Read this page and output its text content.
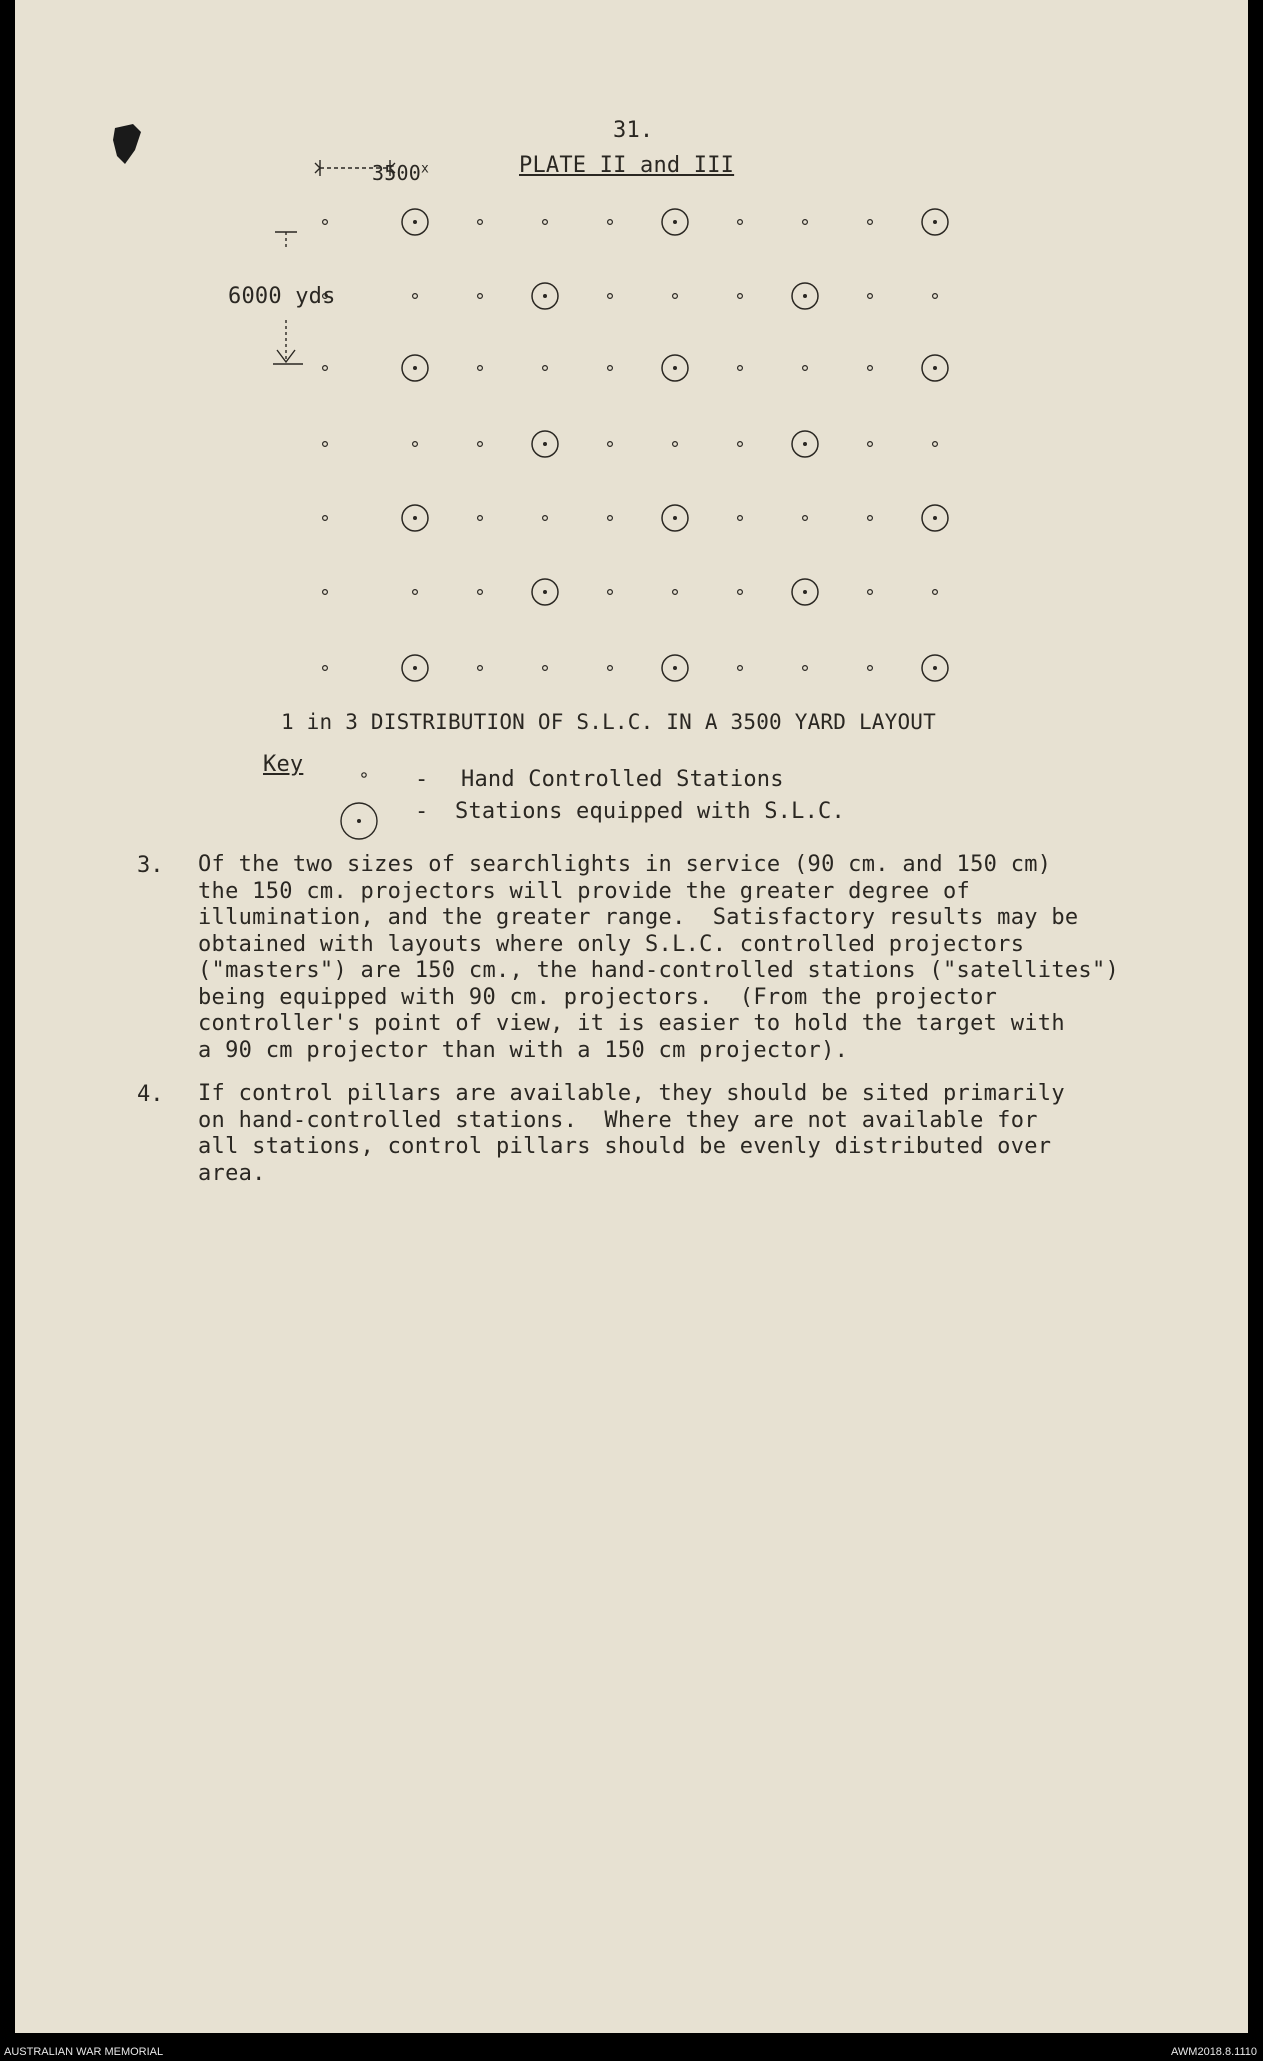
31.
PLATE II and III

3500$^x$

6000 yds
1 in 3 DISTRIBUTION OF S.L.C. IN A 3500 YARD LAYOUT
Key
- Hand Controlled Stations
- Stations equipped with S.L.C.
3. Of the two sizes of searchlights in service (90 cm. and 150 cm)
the 150 cm. projectors will provide the greater degree of
illumination, and the greater range.  Satisfactory results may be
obtained with layouts where only S.L.C. controlled projectors
("masters") are 150 cm., the hand-controlled stations ("satellites")
being equipped with 90 cm. projectors.  (From the projector
controller's point of view, it is easier to hold the target with
a 90 cm projector than with a 150 cm projector).
4. If control pillars are available, they should be sited primarily
on hand-controlled stations.  Where they are not available for
all stations, control pillars should be evenly distributed over
area.
AUSTRALIAN WAR MEMORIAL	AWM2018.8.1110
